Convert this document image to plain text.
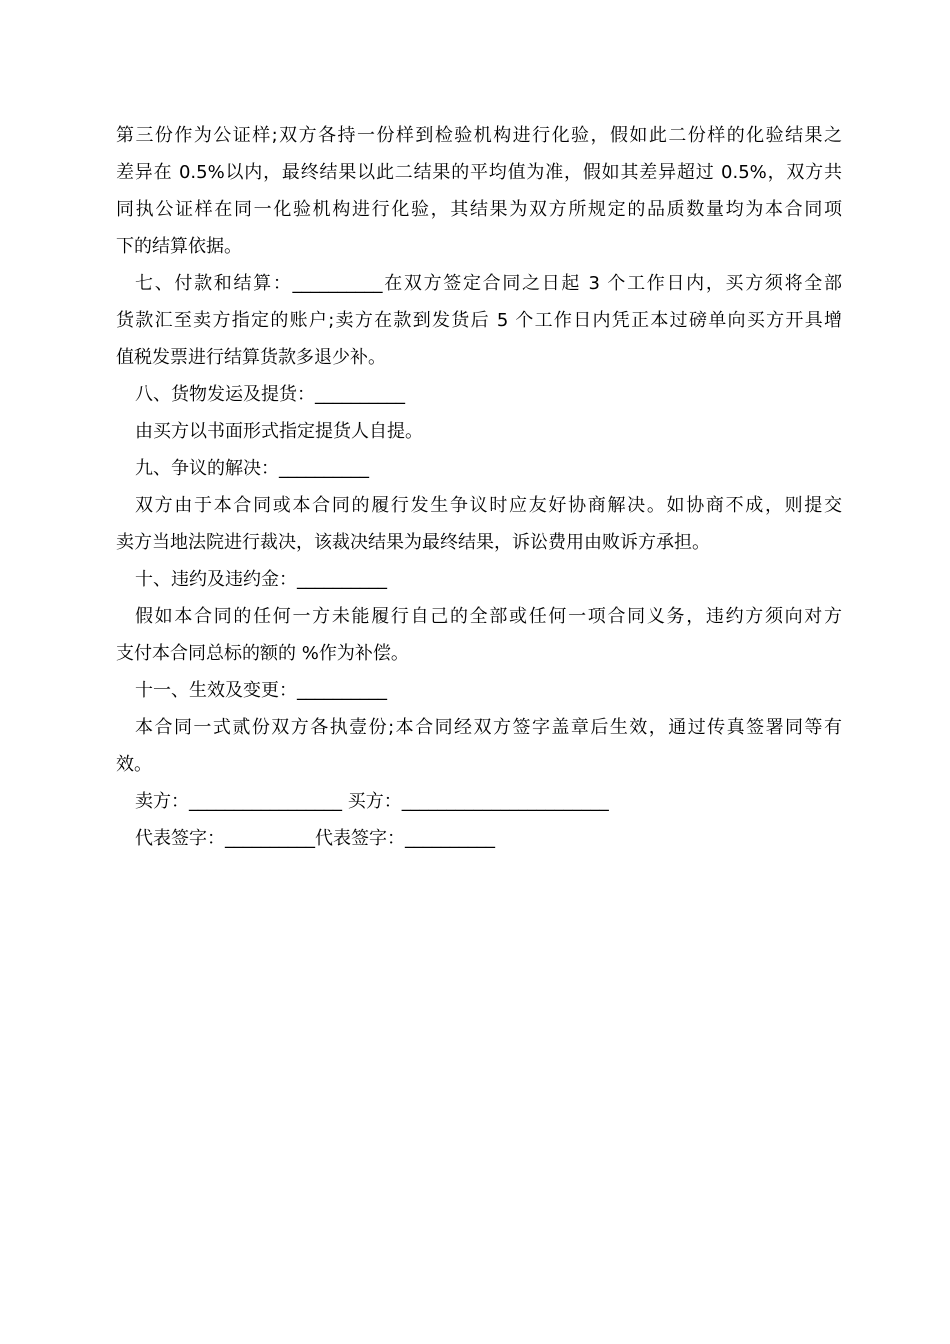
第三份作为公证样;双方各持一份样到检验机构进行化验，假如此二份样的化验结果之
差异在 0.5%以内，最终结果以此二结果的平均值为准，假如其差异超过 0.5%，双方共
同执公证样在同一化验机构进行化验，其结果为双方所规定的品质数量均为本合同项
下的结算依据。
七、付款和结算：__________在双方签定合同之日起 3 个工作日内，买方须将全部
货款汇至卖方指定的账户;卖方在款到发货后 5 个工作日内凭正本过磅单向买方开具增
值税发票进行结算货款多退少补。
八、货物发运及提货：__________
由买方以书面形式指定提货人自提。
九、争议的解决：__________
双方由于本合同或本合同的履行发生争议时应友好协商解决。如协商不成，则提交
卖方当地法院进行裁决，该裁决结果为最终结果，诉讼费用由败诉方承担。
十、违约及违约金：__________
假如本合同的任何一方未能履行自己的全部或任何一项合同义务，违约方须向对方
支付本合同总标的额的 %作为补偿。
十一、生效及变更：__________
本合同一式贰份双方各执壹份;本合同经双方签字盖章后生效，通过传真签署同等有
效。
卖方：_________________ 买方：_______________________
代表签字：__________代表签字：__________
